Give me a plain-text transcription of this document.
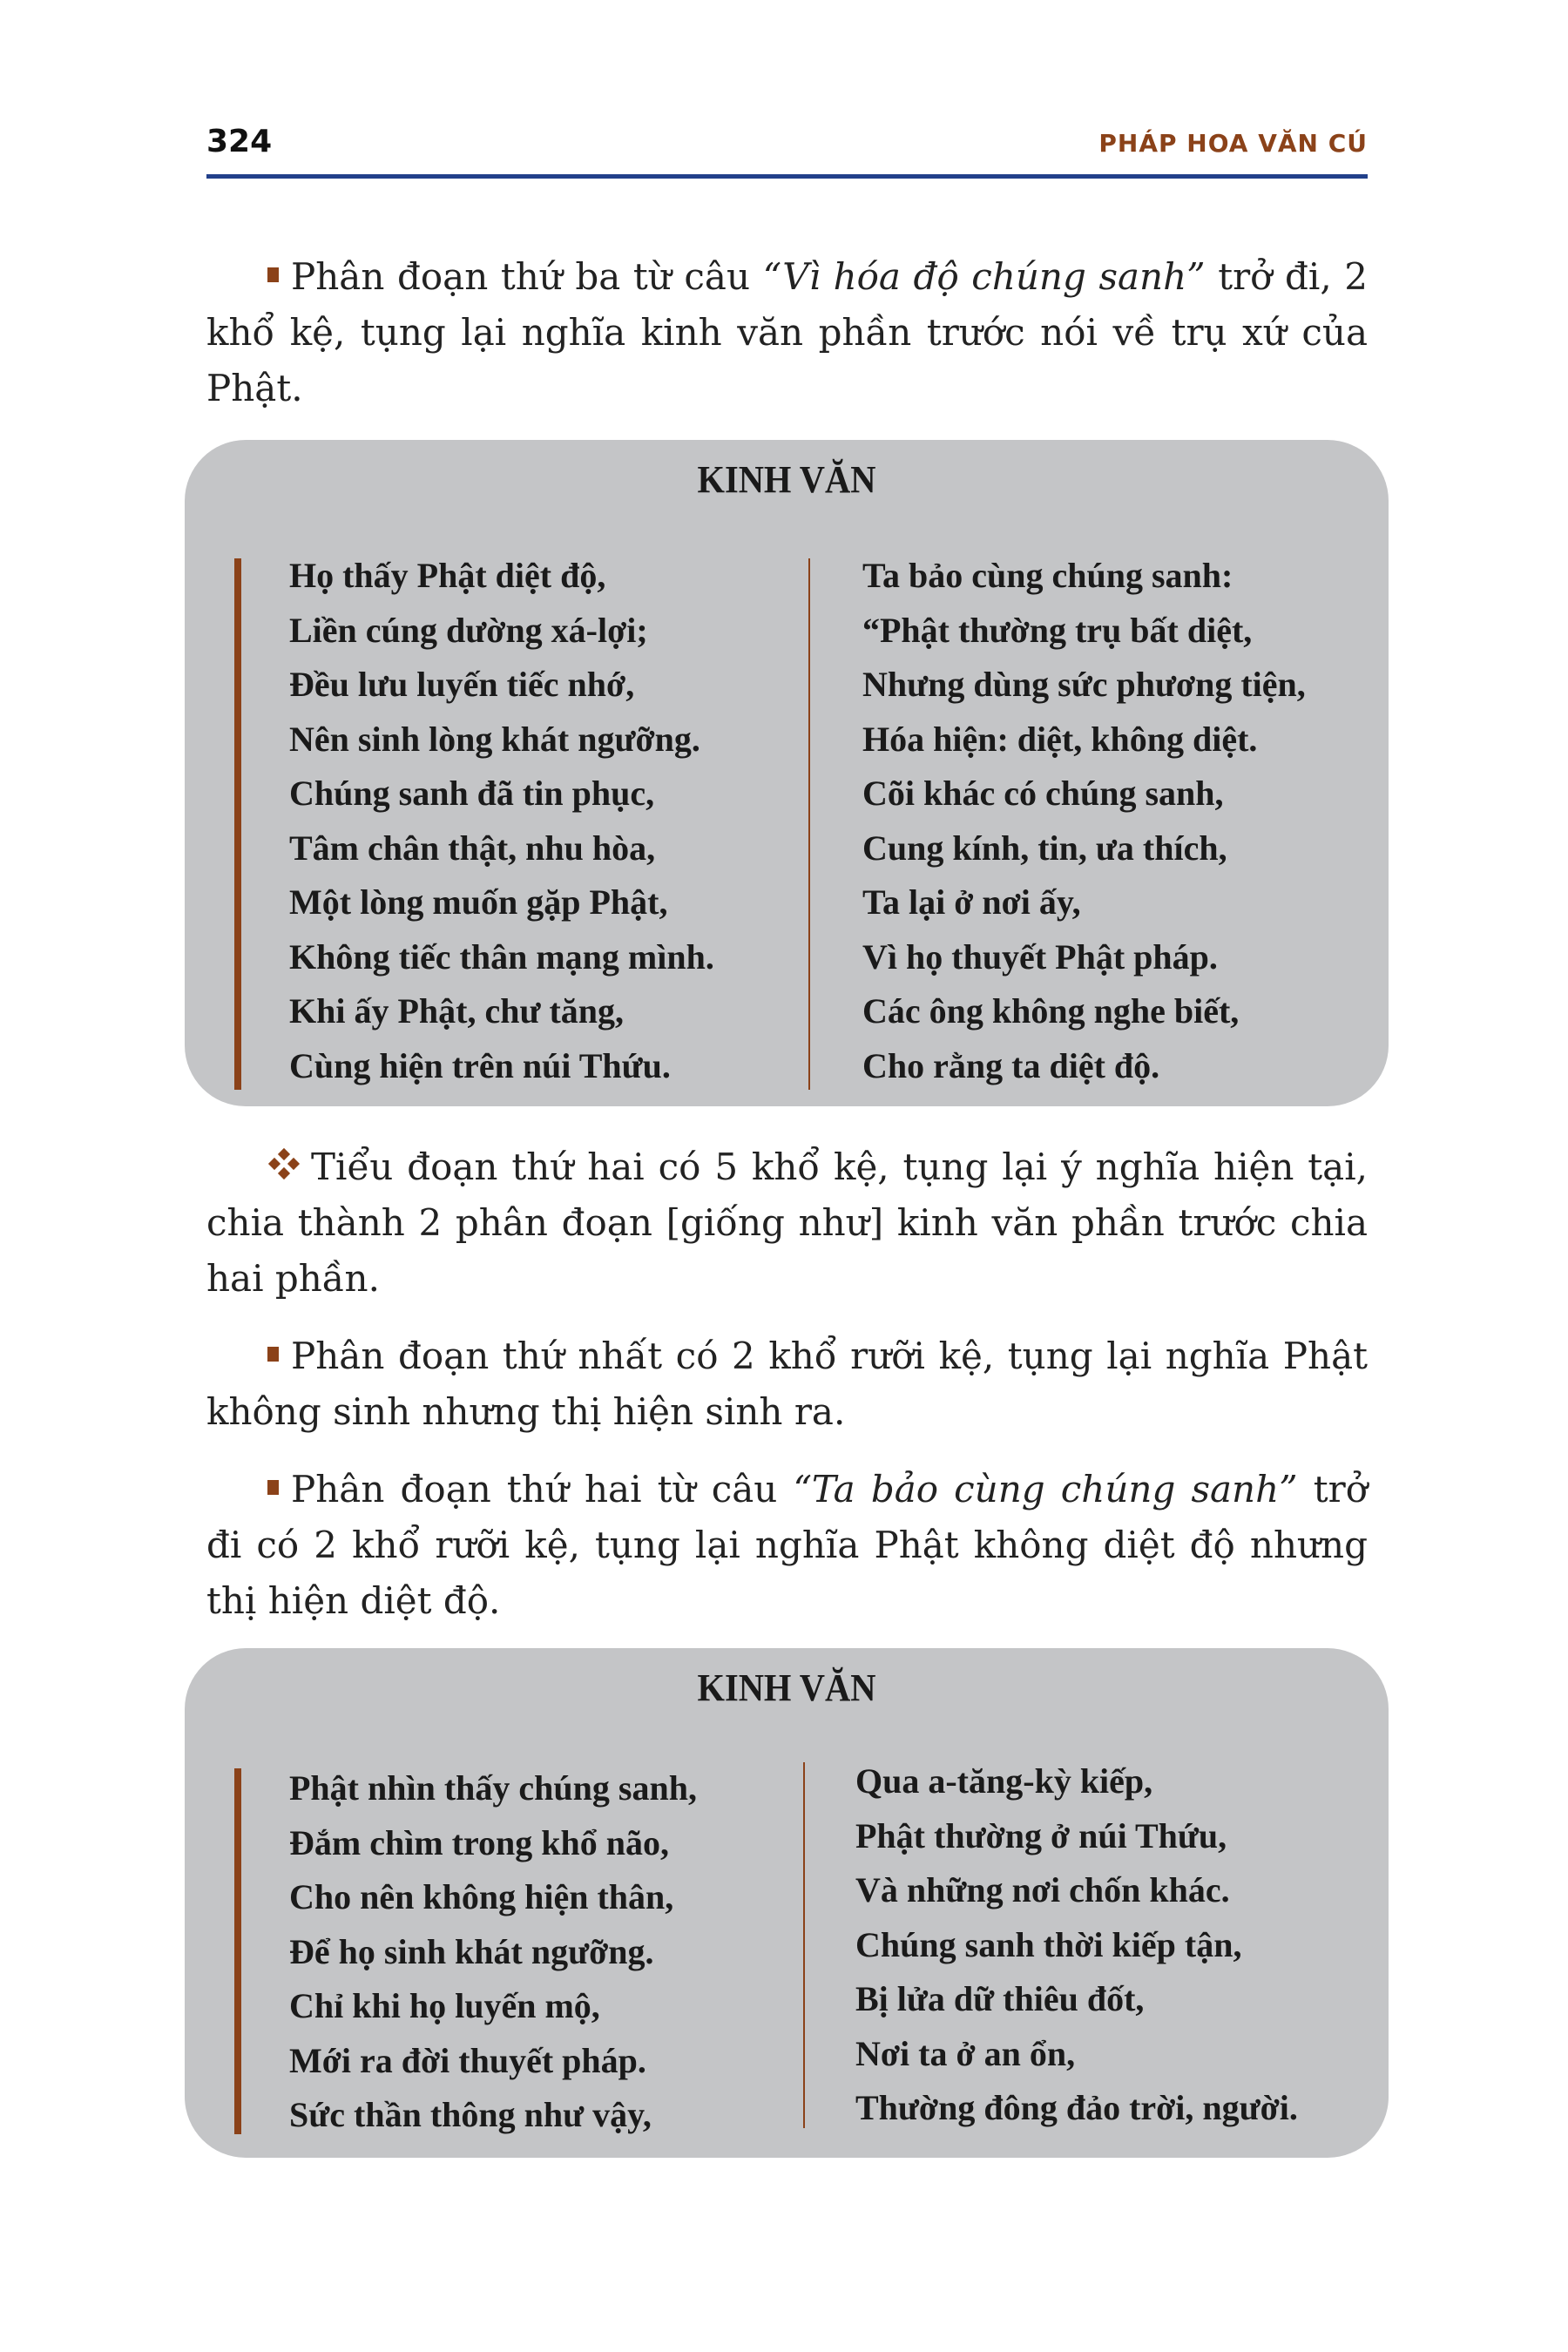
324	PHÁP HOA VĂN CÚ
Phân đoạn thứ ba từ câu “Vì hóa độ chúng sanh” trở đi, 2 khổ kệ, tụng lại nghĩa kinh văn phần trước nói về trụ xứ của Phật.
KINH VĂN
Họ thấy Phật diệt độ,
Liền cúng dường xá-lợi;
Đều lưu luyến tiếc nhớ,
Nên sinh lòng khát ngưỡng.
Chúng sanh đã tin phục,
Tâm chân thật, nhu hòa,
Một lòng muốn gặp Phật,
Không tiếc thân mạng mình.
Khi ấy Phật, chư tăng,
Cùng hiện trên núi Thứu.
Ta bảo cùng chúng sanh:
“Phật thường trụ bất diệt,
Nhưng dùng sức phương tiện,
Hóa hiện: diệt, không diệt.
Cõi khác có chúng sanh,
Cung kính, tin, ưa thích,
Ta lại ở nơi ấy,
Vì họ thuyết Phật pháp.
Các ông không nghe biết,
Cho rằng ta diệt độ.
Tiểu đoạn thứ hai có 5 khổ kệ, tụng lại ý nghĩa hiện tại, chia thành 2 phân đoạn [giống như] kinh văn phần trước chia hai phần.
Phân đoạn thứ nhất có 2 khổ rưỡi kệ, tụng lại nghĩa Phật không sinh nhưng thị hiện sinh ra.
Phân đoạn thứ hai từ câu “Ta bảo cùng chúng sanh” trở đi có 2 khổ rưỡi kệ, tụng lại nghĩa Phật không diệt độ nhưng thị hiện diệt độ.
KINH VĂN
Phật nhìn thấy chúng sanh,
Đắm chìm trong khổ não,
Cho nên không hiện thân,
Để họ sinh khát ngưỡng.
Chỉ khi họ luyến mộ,
Mới ra đời thuyết pháp.
Sức thần thông như vậy,
Qua a-tăng-kỳ kiếp,
Phật thường ở núi Thứu,
Và những nơi chốn khác.
Chúng sanh thời kiếp tận,
Bị lửa dữ thiêu đốt,
Nơi ta ở an ổn,
Thường đông đảo trời, người.
